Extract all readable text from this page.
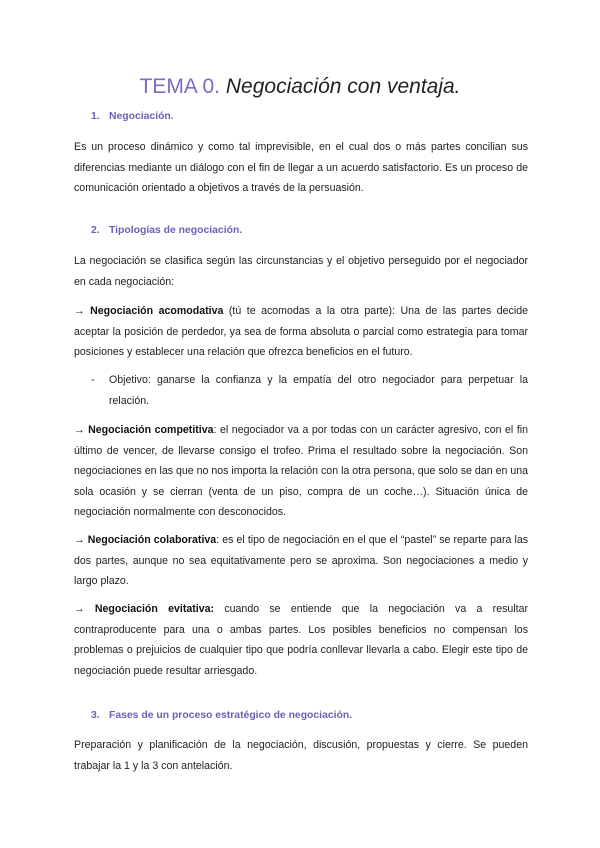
TEMA 0. Negociación con ventaja.
1. Negociación.
Es un proceso dinámico y como tal imprevisible, en el cual dos o más partes concilian sus diferencias mediante un diálogo con el fin de llegar a un acuerdo satisfactorio. Es un proceso de comunicación orientado a objetivos a través de la persuasión.
2. Tipologías de negociación.
La negociación se clasifica según las circunstancias y el objetivo perseguido por el negociador en cada negociación:
→ Negociación acomodativa (tú te acomodas a la otra parte): Una de las partes decide aceptar la posición de perdedor, ya sea de forma absoluta o parcial como estrategia para tomar posiciones y establecer una relación que ofrezca beneficios en el futuro.
- Objetivo: ganarse la confianza y la empatía del otro negociador para perpetuar la relación.
→ Negociación competitiva: el negociador va a por todas con un carácter agresivo, con el fin último de vencer, de llevarse consigo el trofeo. Prima el resultado sobre la negociación. Son negociaciones en las que no nos importa la relación con la otra persona, que solo se dan en una sola ocasión y se cierran (venta de un piso, compra de un coche…). Situación única de negociación normalmente con desconocidos.
→ Negociación colaborativa: es el tipo de negociación en el que el “pastel” se reparte para las dos partes, aunque no sea equitativamente pero se aproxima. Son negociaciones a medio y largo plazo.
→ Negociación evitativa: cuando se entiende que la negociación va a resultar contraproducente para una o ambas partes. Los posibles beneficios no compensan los problemas o prejuicios de cualquier tipo que podría conllevar llevarla a cabo. Elegir este tipo de negociación puede resultar arriesgado.
3. Fases de un proceso estratégico de negociación.
Preparación y planificación de la negociación, discusión, propuestas y cierre. Se pueden trabajar la 1 y la 3 con antelación.
